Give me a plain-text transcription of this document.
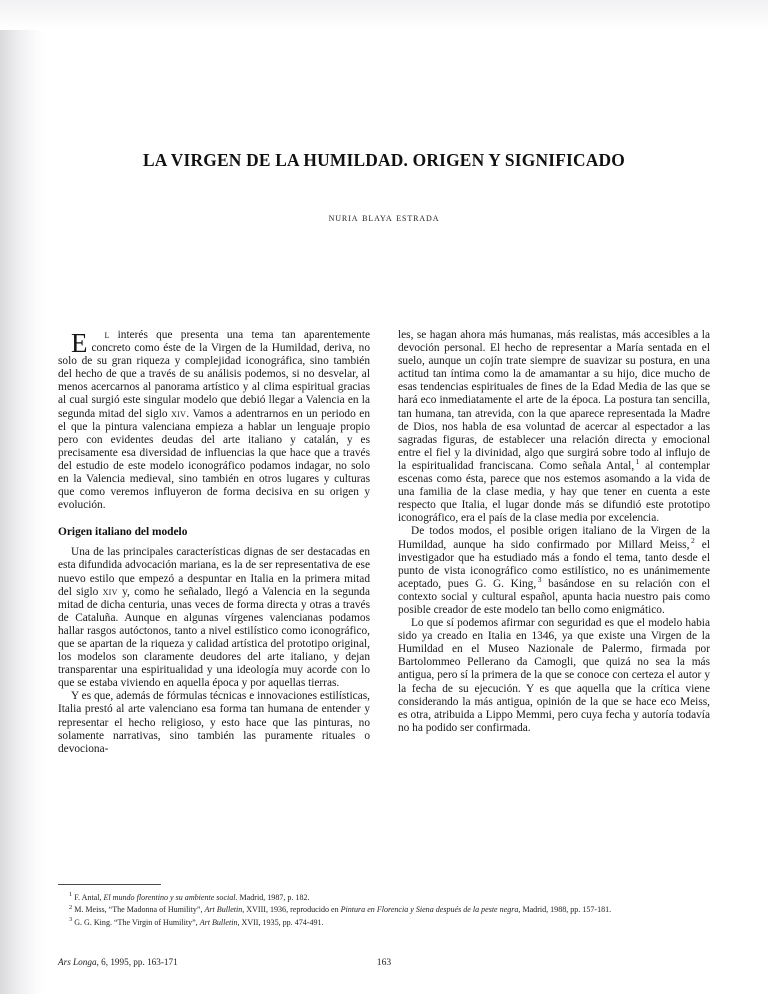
LA VIRGEN DE LA HUMILDAD. ORIGEN Y SIGNIFICADO

nuria blaya estrada

E	l interés que presenta una tema tan aparentemente concreto como éste de la Virgen de la Humildad, deriva, no solo de su gran riqueza y complejidad iconográfica, sino también del hecho de que a través de su análisis podemos, si no desvelar, al menos acercarnos al panorama artístico y al clima espiritual gracias al cual surgió este singular modelo que debió llegar a Valencia en la segunda mitad del siglo xiv. Vamos a adentrarnos en un periodo en el que la pintura valenciana empieza a hablar un lenguaje propio pero con evidentes deudas del arte italiano y catalán, y es precisamente esa diversidad de influencias la que hace que a través del estudio de este modelo iconográfico podamos indagar, no solo en la Valencia medieval, sino también en otros lugares y culturas que como veremos influyeron de forma decisiva en su origen y evolución.

Origen italiano del modelo

Una de las principales características dignas de ser destacadas en esta difundida advocación mariana, es la de ser representativa de ese nuevo estilo que empezó a despuntar en Italia en la primera mitad del siglo xiv y, como he señalado, llegó a Valencia en la segunda mitad de dicha centuria, unas veces de forma directa y otras a través de Cataluña. Aunque en algunas vírgenes valencianas podamos hallar rasgos autóctonos, tanto a nivel estilístico como iconográfico, que se apartan de la riqueza y calidad artística del prototipo original, los modelos son claramente deudores del arte italiano, y dejan transparentar una espiritualidad y una ideología muy acorde con lo que se estaba viviendo en aquella época y por aquellas tierras.

Y es que, además de fórmulas técnicas e innovaciones estilísticas, Italia prestó al arte valenciano esa forma tan humana de entender y representar el hecho religioso, y esto hace que las pinturas, no solamente narrativas, sino también las puramente rituales o devociona-

les, se hagan ahora más humanas, más realistas, más accesibles a la devoción personal. El hecho de representar a María sentada en el suelo, aunque un cojín trate siempre de suavizar su postura, en una actitud tan íntima como la de amamantar a su hijo, dice mucho de esas tendencias espirituales de fines de la Edad Media de las que se hará eco inmediatamente el arte de la época. La postura tan sencilla, tan humana, tan atrevida, con la que aparece representada la Madre de Dios, nos habla de esa voluntad de acercar al espectador a las sagradas figuras, de establecer una relación directa y emocional entre el fiel y la divinidad, algo que surgirá sobre todo al influjo de la espiritualidad franciscana. Como señala Antal, $^1$ al contemplar escenas como ésta, parece que nos estemos asomando a la vida de una familia de la clase media, y hay que tener en cuenta a este respecto que Italia, el lugar donde más se difundió este prototipo iconográfico, era el país de la clase media por excelencia.

De todos modos, el posible origen italiano de la Virgen de la Humildad, aunque ha sido confirmado por Millard Meiss, $^2$ el investigador que ha estudiado más a fondo el tema, tanto desde el punto de vista iconográfico como estilístico, no es unánimemente aceptado, pues G. G. King, $^3$ basándose en su relación con el contexto social y cultural español, apunta hacia nuestro pais como posible creador de este modelo tan bello como enigmático.

Lo que sí podemos afirmar con seguridad es que el modelo habia sido ya creado en Italia en 1346, ya que existe una Virgen de la Humildad en el Museo Nazionale de Palermo, firmada por Bartolommeo Pellerano da Camogli, que quizá no sea la más antigua, pero sí la primera de la que se conoce con certeza el autor y la fecha de su ejecución. Y es que aquella que la crítica viene considerando la más antigua, opinión de la que se hace eco Meiss, es otra, atribuida a Lippo Memmi, pero cuya fecha y autoría todavía no ha podido ser confirmada.

$^1$ F. Antal, El mundo florentino y su ambiente social. Madrid, 1987, p. 182.

$^2$ M. Meiss, “The Madonna of Humility”, Art Bulletin, XVIII, 1936, reproducido en Pintura en Florencia y Siena después de la peste negra, Madrid, 1988, pp. 157-181.

$^3$ G. G. King. “The Virgin of Humility”, Art Bulletin, XVII, 1935, pp. 474-491.

Ars Longa, 6, 1995, pp. 163-171	163
